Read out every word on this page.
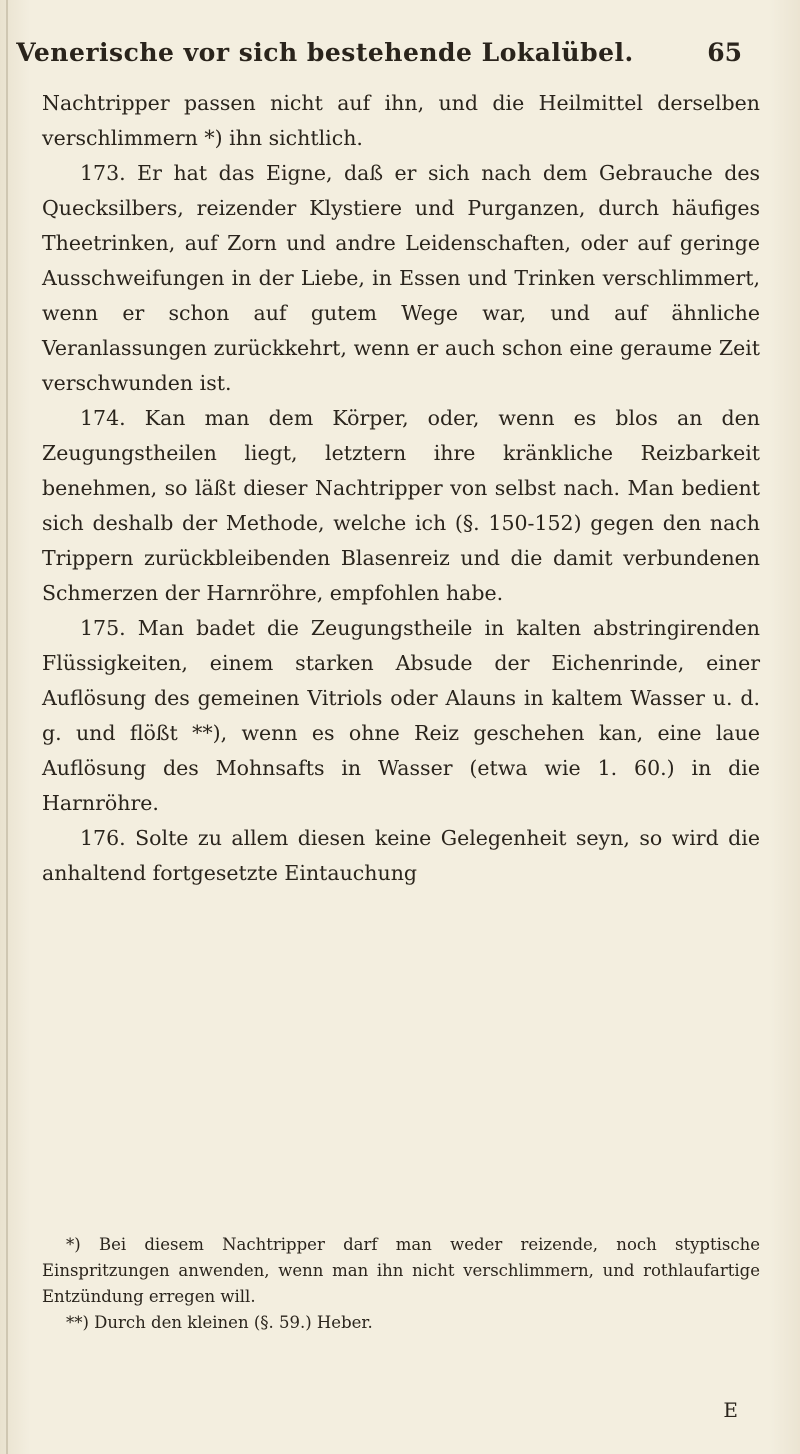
Venerische vor sich bestehende Lokalübel.	65

Nachtripper passen nicht auf ihn, und die Heilmittel derselben verschlimmern *) ihn sichtlich.

173. Er hat das Eigne, daß er sich nach dem Gebrauche des Quecksilbers, reizender Klystiere und Purganzen, durch häufiges Theetrinken, auf Zorn und andre Leidenschaften, oder auf geringe Ausschweifungen in der Liebe, in Essen und Trinken verschlimmert, wenn er schon auf gutem Wege war, und auf ähnliche Veranlassungen zurückkehrt, wenn er auch schon eine geraume Zeit verschwunden ist.

174. Kan man dem Körper, oder, wenn es blos an den Zeugungstheilen liegt, letztern ihre kränkliche Reizbarkeit benehmen, so läßt dieser Nachtripper von selbst nach. Man bedient sich deshalb der Methode, welche ich (§. 150-152) gegen den nach Trippern zurückbleibenden Blasenreiz und die damit verbundenen Schmerzen der Harnröhre, empfohlen habe.

175. Man badet die Zeugungstheile in kalten abstringirenden Flüssigkeiten, einem starken Absude der Eichenrinde, einer Auflösung des gemeinen Vitriols oder Alauns in kaltem Wasser u. d. g. und flößt **), wenn es ohne Reiz geschehen kan, eine laue Auflösung des Mohnsafts in Wasser (etwa wie 1. 60.) in die Harnröhre.

176. Solte zu allem diesen keine Gelegenheit seyn, so wird die anhaltend fortgesetzte Eintauchung

*) Bei diesem Nachtripper darf man weder reizende, noch styptische Einspritzungen anwenden, wenn man ihn nicht verschlimmern, und rothlaufartige Entzündung erregen will.

**) Durch den kleinen (§. 59.) Heber.

E
